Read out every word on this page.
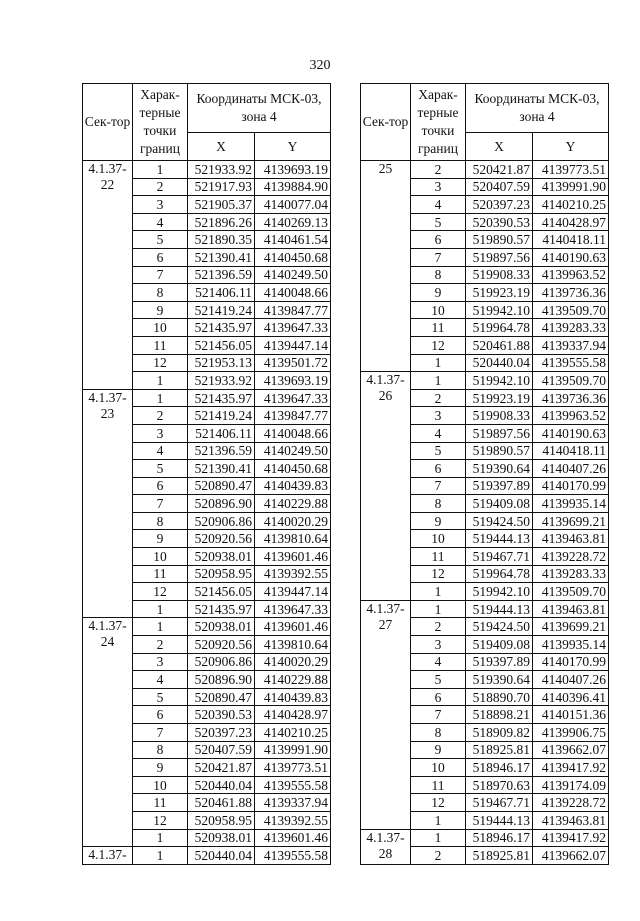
320
Сек-тор	Харак-терные точки границ	Координаты МСК-03, зона 4	
		X	Y
4.1.37-22	1	521933.92	4139693.19
	2	521917.93	4139884.90
	3	521905.37	4140077.04
	4	521896.26	4140269.13
	5	521890.35	4140461.54
	6	521390.41	4140450.68
	7	521396.59	4140249.50
	8	521406.11	4140048.66
	9	521419.24	4139847.77
	10	521435.97	4139647.33
	11	521456.05	4139447.14
	12	521953.13	4139501.72
	1	521933.92	4139693.19
4.1.37-23	1	521435.97	4139647.33
	2	521419.24	4139847.77
	3	521406.11	4140048.66
	4	521396.59	4140249.50
	5	521390.41	4140450.68
	6	520890.47	4140439.83
	7	520896.90	4140229.88
	8	520906.86	4140020.29
	9	520920.56	4139810.64
	10	520938.01	4139601.46
	11	520958.95	4139392.55
	12	521456.05	4139447.14
	1	521435.97	4139647.33
4.1.37-24	1	520938.01	4139601.46
	2	520920.56	4139810.64
	3	520906.86	4140020.29
	4	520896.90	4140229.88
	5	520890.47	4140439.83
	6	520390.53	4140428.97
	7	520397.23	4140210.25
	8	520407.59	4139991.90
	9	520421.87	4139773.51
	10	520440.04	4139555.58
	11	520461.88	4139337.94
	12	520958.95	4139392.55
	1	520938.01	4139601.46
4.1.37-	1	520440.04	4139555.58
Сек-тор	Харак-терные точки границ	Координаты МСК-03, зона 4	
		X	Y
25	2	520421.87	4139773.51
	3	520407.59	4139991.90
	4	520397.23	4140210.25
	5	520390.53	4140428.97
	6	519890.57	4140418.11
	7	519897.56	4140190.63
	8	519908.33	4139963.52
	9	519923.19	4139736.36
	10	519942.10	4139509.70
	11	519964.78	4139283.33
	12	520461.88	4139337.94
	1	520440.04	4139555.58
4.1.37-26	1	519942.10	4139509.70
	2	519923.19	4139736.36
	3	519908.33	4139963.52
	4	519897.56	4140190.63
	5	519890.57	4140418.11
	6	519390.64	4140407.26
	7	519397.89	4140170.99
	8	519409.08	4139935.14
	9	519424.50	4139699.21
	10	519444.13	4139463.81
	11	519467.71	4139228.72
	12	519964.78	4139283.33
	1	519942.10	4139509.70
4.1.37-27	1	519444.13	4139463.81
	2	519424.50	4139699.21
	3	519409.08	4139935.14
	4	519397.89	4140170.99
	5	519390.64	4140407.26
	6	518890.70	4140396.41
	7	518898.21	4140151.36
	8	518909.82	4139906.75
	9	518925.81	4139662.07
	10	518946.17	4139417.92
	11	518970.63	4139174.09
	12	519467.71	4139228.72
	1	519444.13	4139463.81
4.1.37-28	1	518946.17	4139417.92
	2	518925.81	4139662.07
